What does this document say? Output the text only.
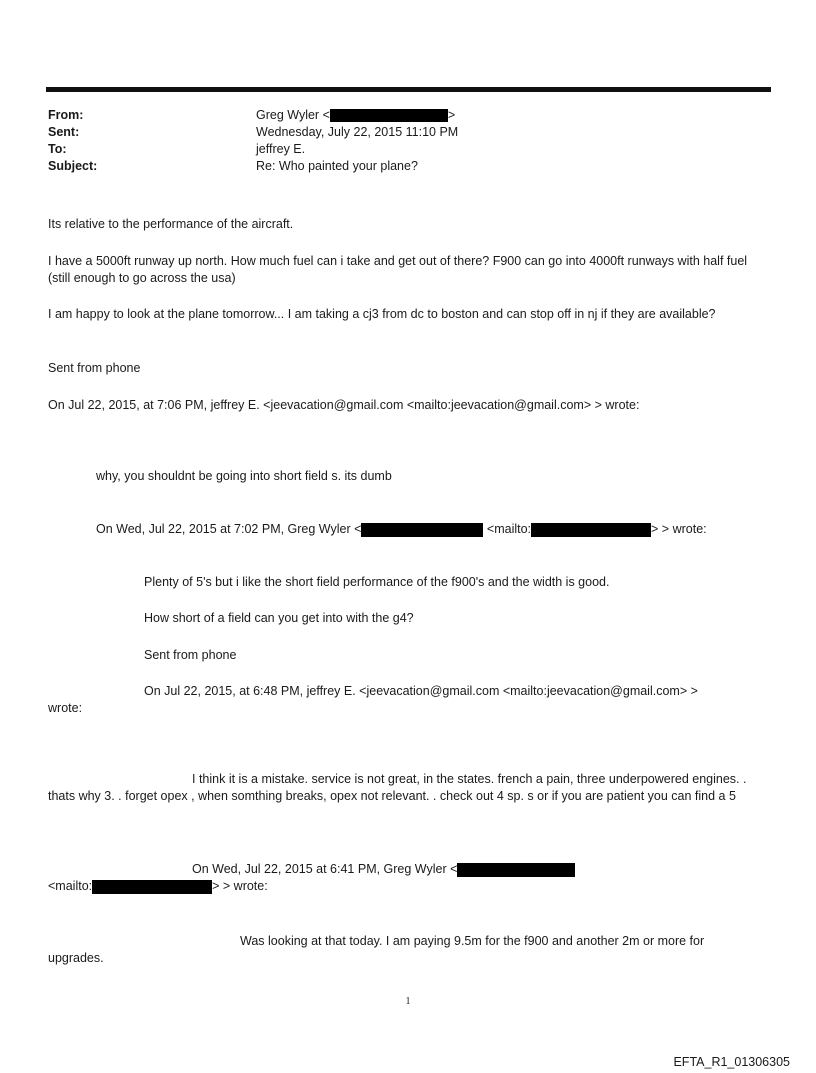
From:	Greg Wyler <	>
Sent:	Wednesday, July 22, 2015 11:10 PM
To:	jeffrey E.
Subject:	Re: Who painted your plane?
Its relative to the performance of the aircraft.
I have a 5000ft runway up north. How much fuel can i take and get out of there? F900 can go into 4000ft runways with half fuel (still enough to go across the usa)
I am happy to look at the plane tomorrow... I am taking a cj3 from dc to boston and can stop off in nj if they are available?
Sent from phone
On Jul 22, 2015, at 7:06 PM, jeffrey E. <jeevacation@gmail.com <mailto:jeevacation@gmail.com> > wrote:
why, you shouldnt be going into short field s. its dumb
On Wed, Jul 22, 2015 at 7:02 PM, Greg Wyler <	<mailto:	> > wrote:
Plenty of 5's but i like the short field performance of the f900's and the width is good.
How short of a field can you get into with the g4?
Sent from phone
On Jul 22, 2015, at 6:48 PM, jeffrey E. <jeevacation@gmail.com <mailto:jeevacation@gmail.com> >
wrote:
I think it is a mistake. service is not great, in the states. french a pain, three underpowered engines. . thats why 3. . forget opex , when somthing breaks, opex not relevant. . check out 4 sp. s or if you are patient you can find a 5
On Wed, Jul 22, 2015 at 6:41 PM, Greg Wyler <
<mailto:	> > wrote:
Was looking at that today. I am paying 9.5m for the f900 and another 2m or more for upgrades.
1
EFTA_R1_01306305
